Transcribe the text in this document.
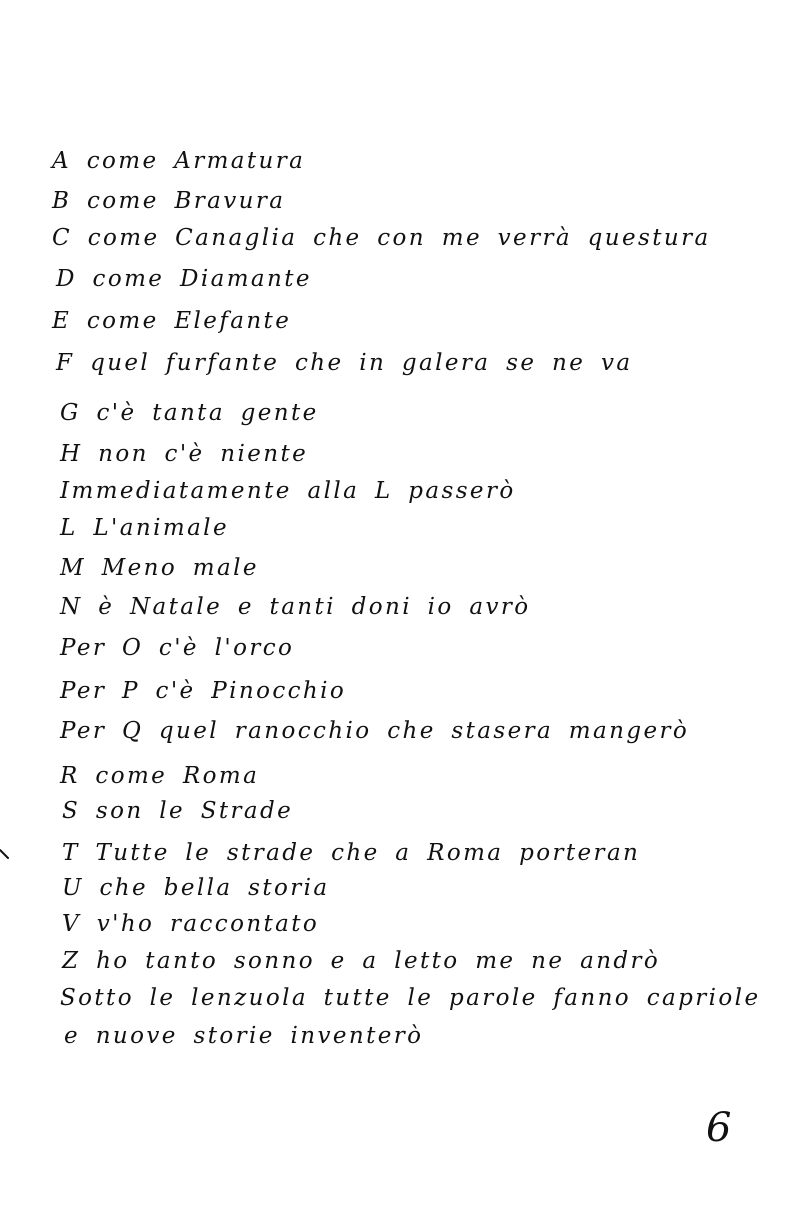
A come Armatura
B come Bravura
C come Canaglia che con me verrà questura
D come Diamante
E come Elefante
F quel furfante che in galera se ne va
G c'è tanta gente
H non c'è niente
Immediatamente alla L passerò
L L'animale
M Meno male
N è Natale e tanti doni io avrò
Per O c'è l'orco
Per P c'è Pinocchio
Per Q quel ranocchio che stasera mangerò
R come Roma
S son le Strade
T Tutte le strade che a Roma porteran
U che bella storia
V v'ho raccontato
Z ho tanto sonno e a letto me ne andrò
Sotto le lenzuola tutte le parole fanno capriole
e nuove storie inventerò
6
